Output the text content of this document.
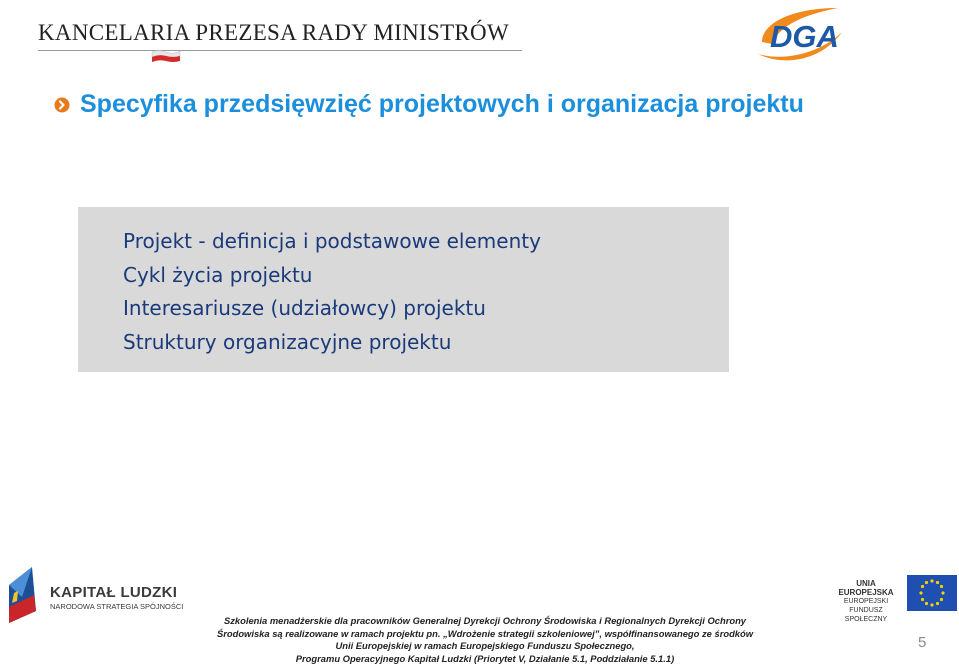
KANCELARIA PREZESA RADY MINISTRÓW	DGA
Specyfika przedsięwzięć projektowych i organizacja projektu
Projekt - definicja i podstawowe elementy
Cykl życia projektu
Interesariusze (udziałowcy) projektu
Struktury organizacyjne projektu
KAPITAŁ LUDZKI
NARODOWA STRATEGIA SPÓJNOŚCI
UNIA EUROPEJSKA
EUROPEJSKI
FUNDUSZ SPOŁECZNY
Szkolenia menadżerskie dla pracowników Generalnej Dyrekcji Ochrony Środowiska i Regionalnych Dyrekcji Ochrony
Środowiska są realizowane w ramach projektu pn. „Wdrożenie strategii szkoleniowej”, współfinansowanego ze środków
Unii Europejskiej w ramach Europejskiego Funduszu Społecznego,
Programu Operacyjnego Kapitał Ludzki (Priorytet V, Działanie 5.1, Poddziałanie 5.1.1)
5
